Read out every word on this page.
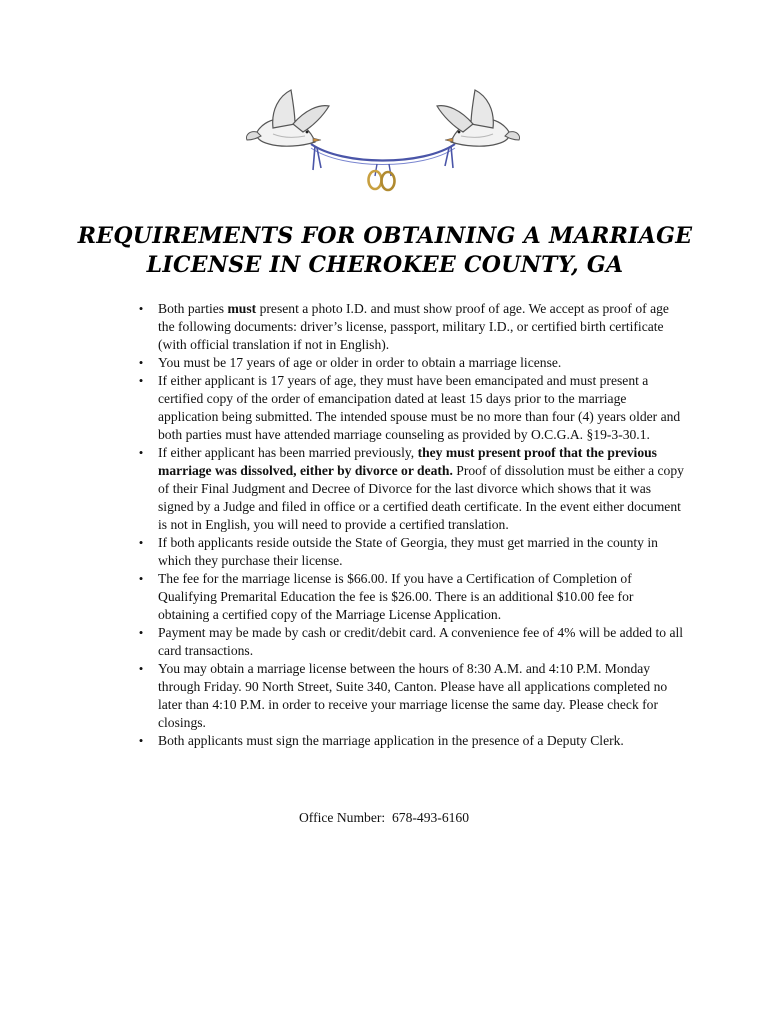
REQUIREMENTS FOR OBTAINING A MARRIAGE
LICENSE IN CHEROKEE COUNTY, GA
• Both parties must present a photo I.D. and must show proof of age. We accept as proof of age the following documents: driver’s license, passport, military I.D., or certified birth certificate (with official translation if not in English).
• You must be 17 years of age or older in order to obtain a marriage license.
• If either applicant is 17 years of age, they must have been emancipated and must present a certified copy of the order of emancipation dated at least 15 days prior to the marriage application being submitted. The intended spouse must be no more than four (4) years older and both parties must have attended marriage counseling as provided by O.C.G.A. §19-3-30.1.
• If either applicant has been married previously, they must present proof that the previous marriage was dissolved, either by divorce or death. Proof of dissolution must be either a copy of their Final Judgment and Decree of Divorce for the last divorce which shows that it was signed by a Judge and filed in office or a certified death certificate. In the event either document is not in English, you will need to provide a certified translation.
• If both applicants reside outside the State of Georgia, they must get married in the county in which they purchase their license.
• The fee for the marriage license is $66.00. If you have a Certification of Completion of Qualifying Premarital Education the fee is $26.00. There is an additional $10.00 fee for obtaining a certified copy of the Marriage License Application.
• Payment may be made by cash or credit/debit card. A convenience fee of 4% will be added to all card transactions.
• You may obtain a marriage license between the hours of 8:30 A.M. and 4:10 P.M. Monday through Friday. 90 North Street, Suite 340, Canton. Please have all applications completed no later than 4:10 P.M. in order to receive your marriage license the same day. Please check for closings.
• Both applicants must sign the marriage application in the presence of a Deputy Clerk.
Office Number: 678-493-6160
